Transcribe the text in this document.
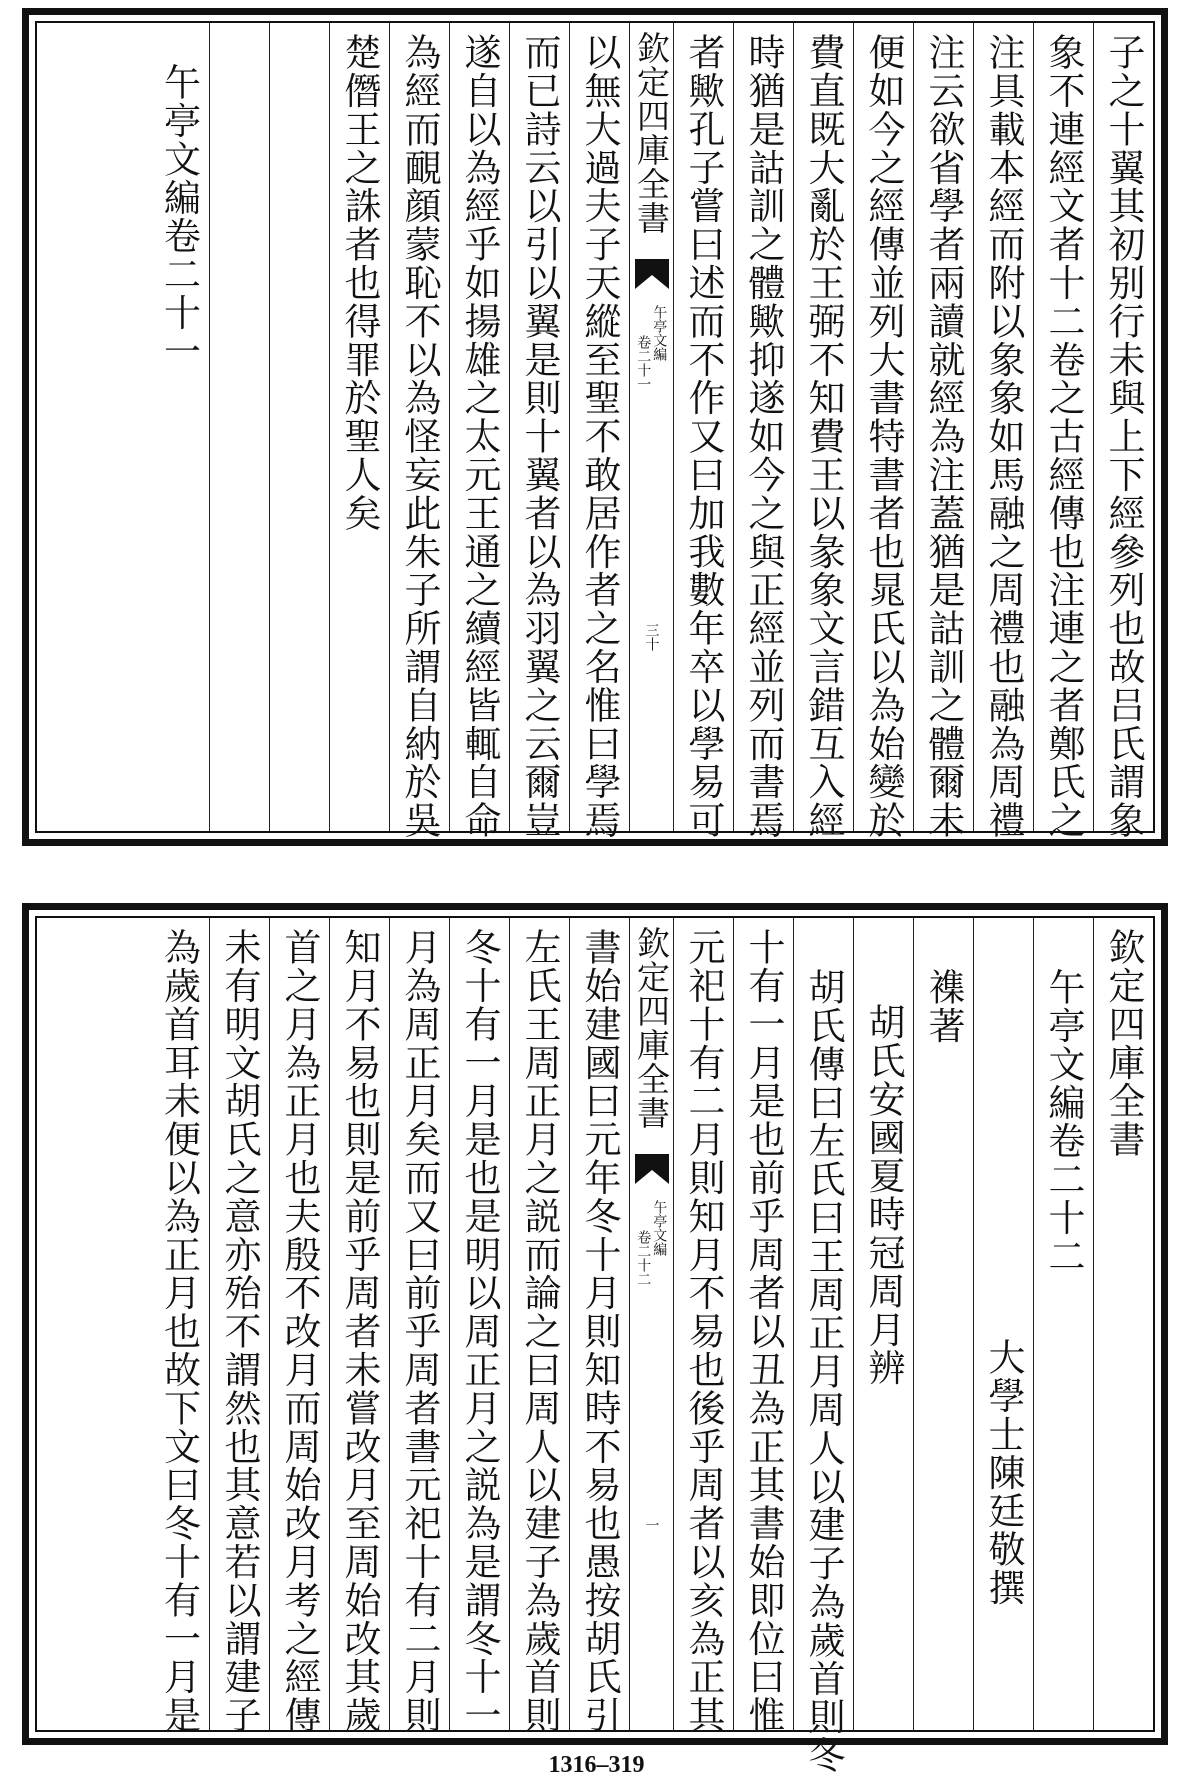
子之十翼其初别行未與上下經參列也故吕氏謂象
象不連經文者十二卷之古經傳也注連之者鄭氏之
注具載本經而附以象象如馬融之周禮也融為周禮
注云欲省學者兩讀就經為注蓋猶是詁訓之體爾未
便如今之經傳並列大書特書者也晁氏以為始變於
費直既大亂於王弼不知費王以彖象文言錯互入經
時猶是詁訓之體歟抑遂如今之與正經並列而書焉
者歟孔子嘗曰述而不作又曰加我數年卒以學易可
欽定四庫全書
午亭文編
卷二十一
三十
以無大過夫子天縱至聖不敢居作者之名惟曰學焉
而已詩云以引以翼是則十翼者以為羽翼之云爾豈
遂自以為經乎如揚雄之太元王通之續經皆輒自命
為經而靦顔蒙恥不以為怪妄此朱子所謂自納於吳
楚僭王之誅者也得罪於聖人矣
午亭文編卷二十一
欽定四庫全書
午亭文編卷二十二
大學士陳廷敬撰
襍著
胡氏安國夏時冠周月辨
胡氏傳曰左氏曰王周正月周人以建子為歲首則冬
十有一月是也前乎周者以丑為正其書始即位曰惟
元祀十有二月則知月不易也後乎周者以亥為正其
欽定四庫全書
午亭文編
卷二十二
一
書始建國曰元年冬十月則知時不易也愚按胡氏引
左氏王周正月之説而論之曰周人以建子為歲首則
冬十有一月是也是明以周正月之説為是謂冬十一
月為周正月矣而又曰前乎周者書元祀十有二月則
知月不易也則是前乎周者未嘗改月至周始改其歲
首之月為正月也夫殷不改月而周始改月考之經傳
未有明文胡氏之意亦殆不謂然也其意若以謂建子
為歲首耳未便以為正月也故下文曰冬十有一月是
1316–319
